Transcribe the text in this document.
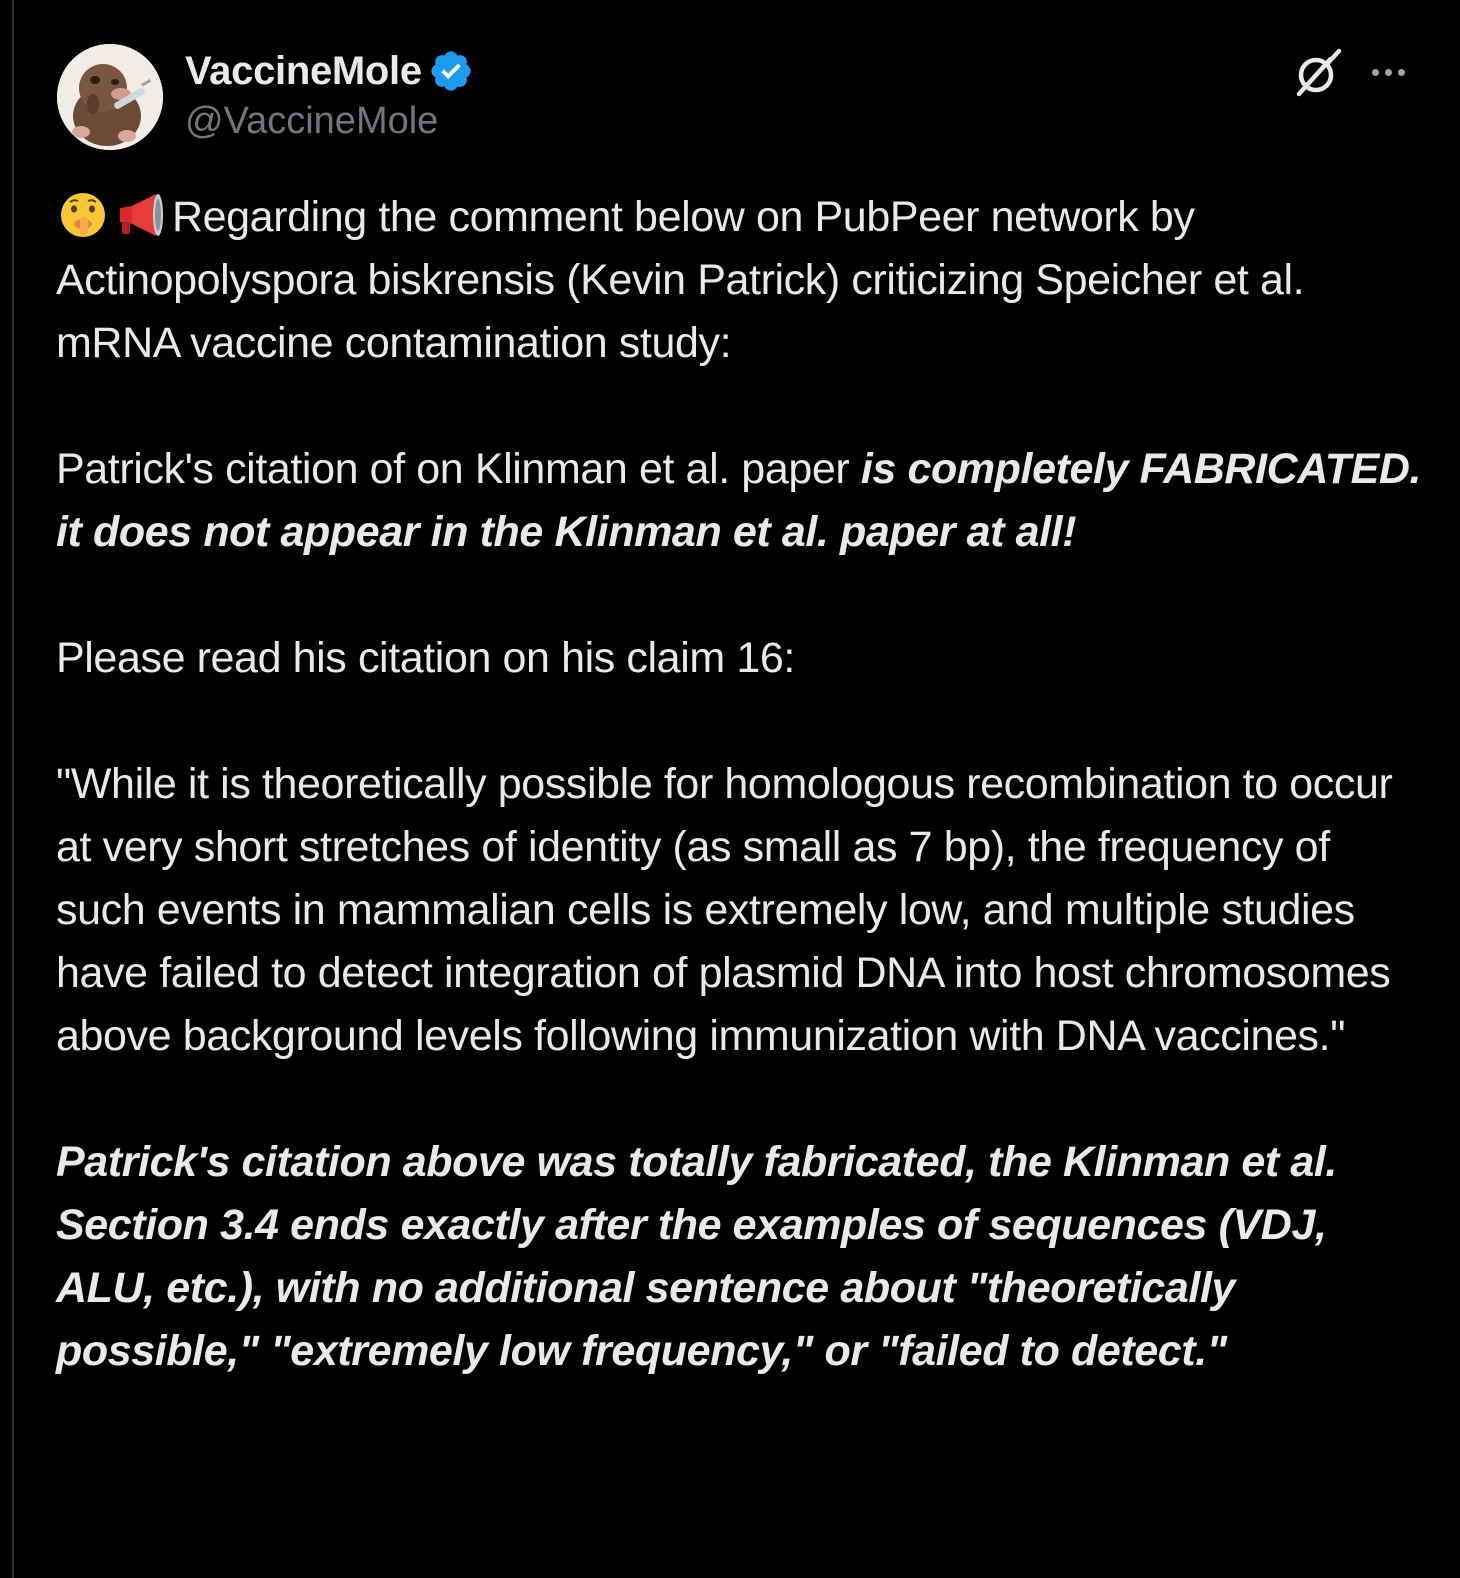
VaccineMole
@VaccineMole

Regarding the comment below on PubPeer network by Actinopolyspora biskrensis (Kevin Patrick) criticizing Speicher et al. mRNA vaccine contamination study:

Patrick's citation of on Klinman et al. paper is completely FABRICATED. it does not appear in the Klinman et al. paper at all!

Please read his citation on his claim 16:

"While it is theoretically possible for homologous recombination to occur at very short stretches of identity (as small as 7 bp), the frequency of such events in mammalian cells is extremely low, and multiple studies have failed to detect integration of plasmid DNA into host chromosomes above background levels following immunization with DNA vaccines."

Patrick's citation above was totally fabricated, the Klinman et al. Section 3.4 ends exactly after the examples of sequences (VDJ, ALU, etc.), with no additional sentence about "theoretically possible," "extremely low frequency," or "failed to detect."
